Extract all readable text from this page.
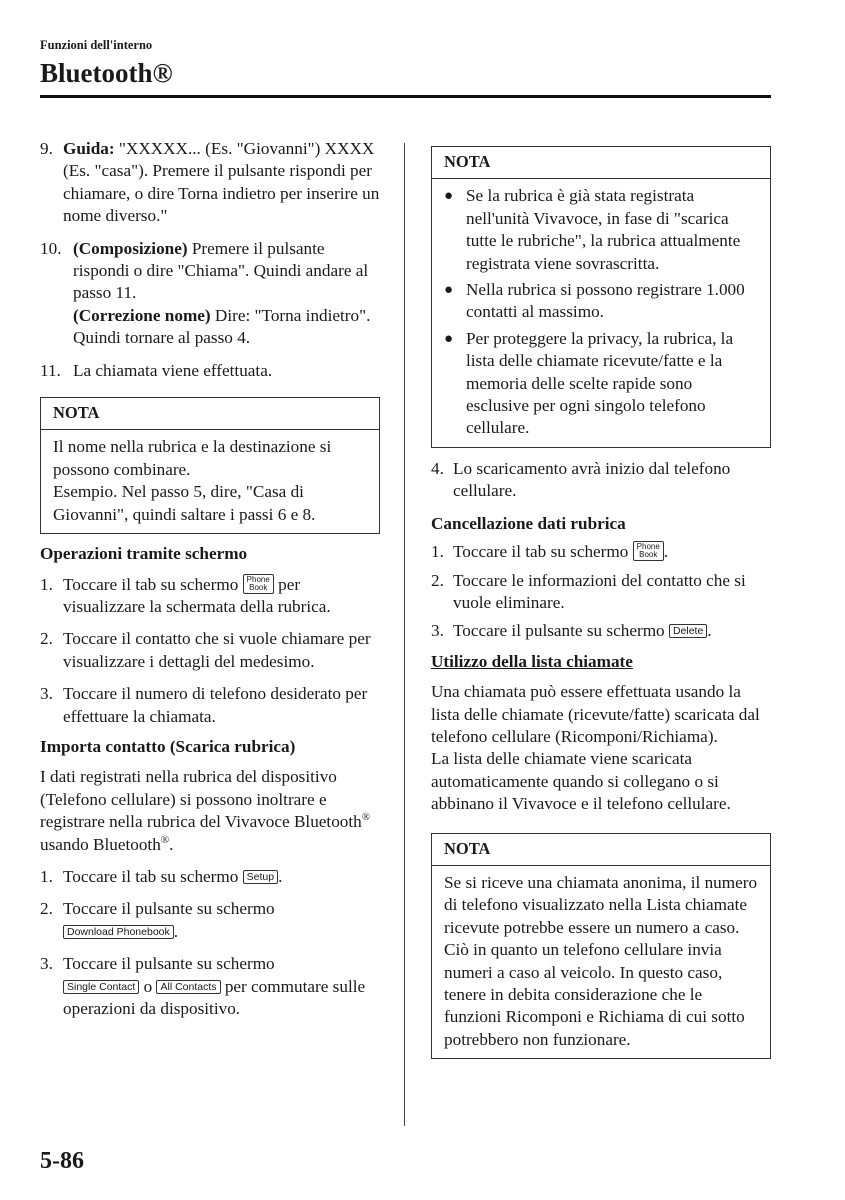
Funzioni dell'interno
Bluetooth®
9. Guida: "XXXXX... (Es. "Giovanni") XXXX (Es. "casa"). Premere il pulsante rispondi per chiamare, o dire Torna indietro per inserire un nome diverso."
10. (Composizione) Premere il pulsante rispondi o dire "Chiama". Quindi andare al passo 11.
(Correzione nome) Dire: "Torna indietro".
Quindi tornare al passo 4.
11. La chiamata viene effettuata.
NOTA
Il nome nella rubrica e la destinazione si possono combinare.
Esempio. Nel passo 5, dire, "Casa di Giovanni", quindi saltare i passi 6 e 8.
Operazioni tramite schermo
1. Toccare il tab su schermo Phone
Book per visualizzare la schermata della rubrica.
2. Toccare il contatto che si vuole chiamare per visualizzare i dettagli del medesimo.
3. Toccare il numero di telefono desiderato per effettuare la chiamata.
Importa contatto (Scarica rubrica)
I dati registrati nella rubrica del dispositivo (Telefono cellulare) si possono inoltrare e registrare nella rubrica del Vivavoce Bluetooth® usando Bluetooth®.
1. Toccare il tab su schermo Setup .
2. Toccare il pulsante su schermo
Download Phonebook .
3. Toccare il pulsante su schermo
Single Contact o All Contacts per commutare sulle operazioni da dispositivo.
NOTA
● Se la rubrica è già stata registrata nell'unità Vivavoce, in fase di "scarica tutte le rubriche", la rubrica attualmente registrata viene sovrascritta.
● Nella rubrica si possono registrare 1.000 contatti al massimo.
● Per proteggere la privacy, la rubrica, la lista delle chiamate ricevute/fatte e la memoria delle scelte rapide sono esclusive per ogni singolo telefono cellulare.
4. Lo scaricamento avrà inizio dal telefono cellulare.
Cancellazione dati rubrica
1. Toccare il tab su schermo Phone
Book .
2. Toccare le informazioni del contatto che si vuole eliminare.
3. Toccare il pulsante su schermo Delete .
Utilizzo della lista chiamate
Una chiamata può essere effettuata usando la lista delle chiamate (ricevute/fatte) scaricata dal telefono cellulare (Ricomponi/Richiama).
La lista delle chiamate viene scaricata automaticamente quando si collegano o si abbinano il Vivavoce e il telefono cellulare.
NOTA
Se si riceve una chiamata anonima, il numero di telefono visualizzato nella Lista chiamate ricevute potrebbe essere un numero a caso. Ciò in quanto un telefono cellulare invia numeri a caso al veicolo. In questo caso, tenere in debita considerazione che le funzioni Ricomponi e Richiama di cui sotto potrebbero non funzionare.
5-86
